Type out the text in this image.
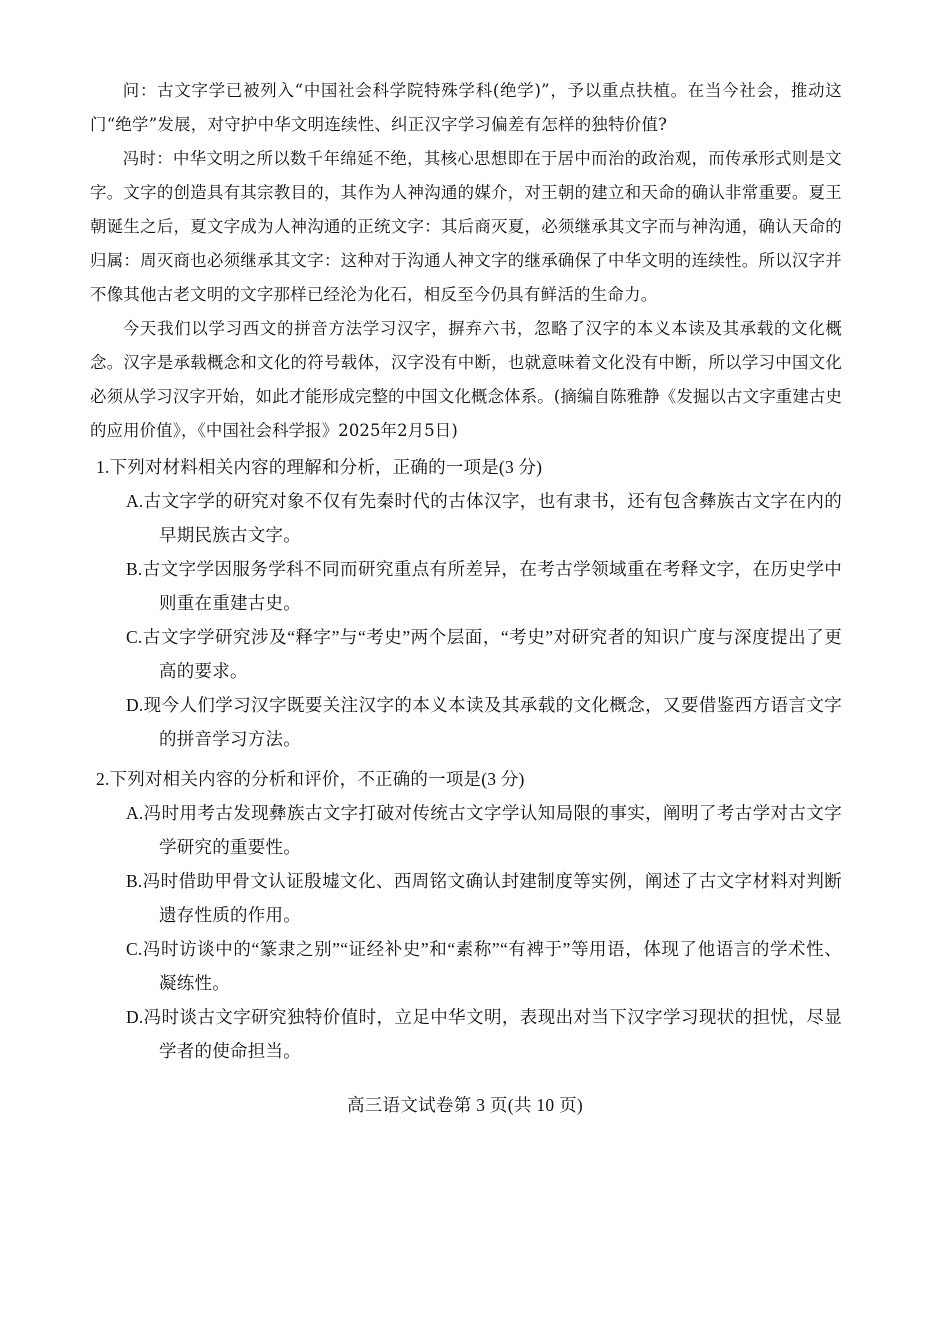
问：古文字学已被列入“中国社会科学院特殊学科(绝学)”，予以重点扶植。在当今社会，推动这门“绝学”发展，对守护中华文明连续性、纠正汉字学习偏差有怎样的独特价值?

冯时：中华文明之所以数千年绵延不绝，其核心思想即在于居中而治的政治观，而传承形式则是文字。文字的创造具有其宗教目的，其作为人神沟通的媒介，对王朝的建立和天命的确认非常重要。夏王朝诞生之后，夏文字成为人神沟通的正统文字：其后商灭夏，必须继承其文字而与神沟通，确认天命的归属：周灭商也必须继承其文字：这种对于沟通人神文字的继承确保了中华文明的连续性。所以汉字并不像其他古老文明的文字那样已经沦为化石，相反至今仍具有鲜活的生命力。

今天我们以学习西文的拼音方法学习汉字，摒弃六书，忽略了汉字的本义本读及其承载的文化概念。汉字是承载概念和文化的符号载体，汉字没有中断，也就意味着文化没有中断，所以学习中国文化必须从学习汉字开始，如此才能形成完整的中国文化概念体系。(摘编自陈雅静《发掘以古文字重建古史的应用价值》，《中国社会科学报》2025年2月5日)

1.下列对材料相关内容的理解和分析，正确的一项是(3 分)
A.古文字学的研究对象不仅有先秦时代的古体汉字，也有隶书，还有包含彝族古文字在内的早期民族古文字。
B.古文字学因服务学科不同而研究重点有所差异，在考古学领域重在考释文字，在历史学中则重在重建古史。
C.古文字学研究涉及“释字”与“考史”两个层面，“考史”对研究者的知识广度与深度提出了更高的要求。
D.现今人们学习汉字既要关注汉字的本义本读及其承载的文化概念，又要借鉴西方语言文字的拼音学习方法。
2.下列对相关内容的分析和评价，不正确的一项是(3 分)
A.冯时用考古发现彝族古文字打破对传统古文字学认知局限的事实，阐明了考古学对古文字学研究的重要性。
B.冯时借助甲骨文认证殷墟文化、西周铭文确认封建制度等实例，阐述了古文字材料对判断遗存性质的作用。
C.冯时访谈中的“篆隶之别”“证经补史”和“素称”“有裨于”等用语，体现了他语言的学术性、凝练性。
D.冯时谈古文字研究独特价值时，立足中华文明，表现出对当下汉字学习现状的担忧，尽显学者的使命担当。
高三语文试卷第 3 页(共 10 页)
